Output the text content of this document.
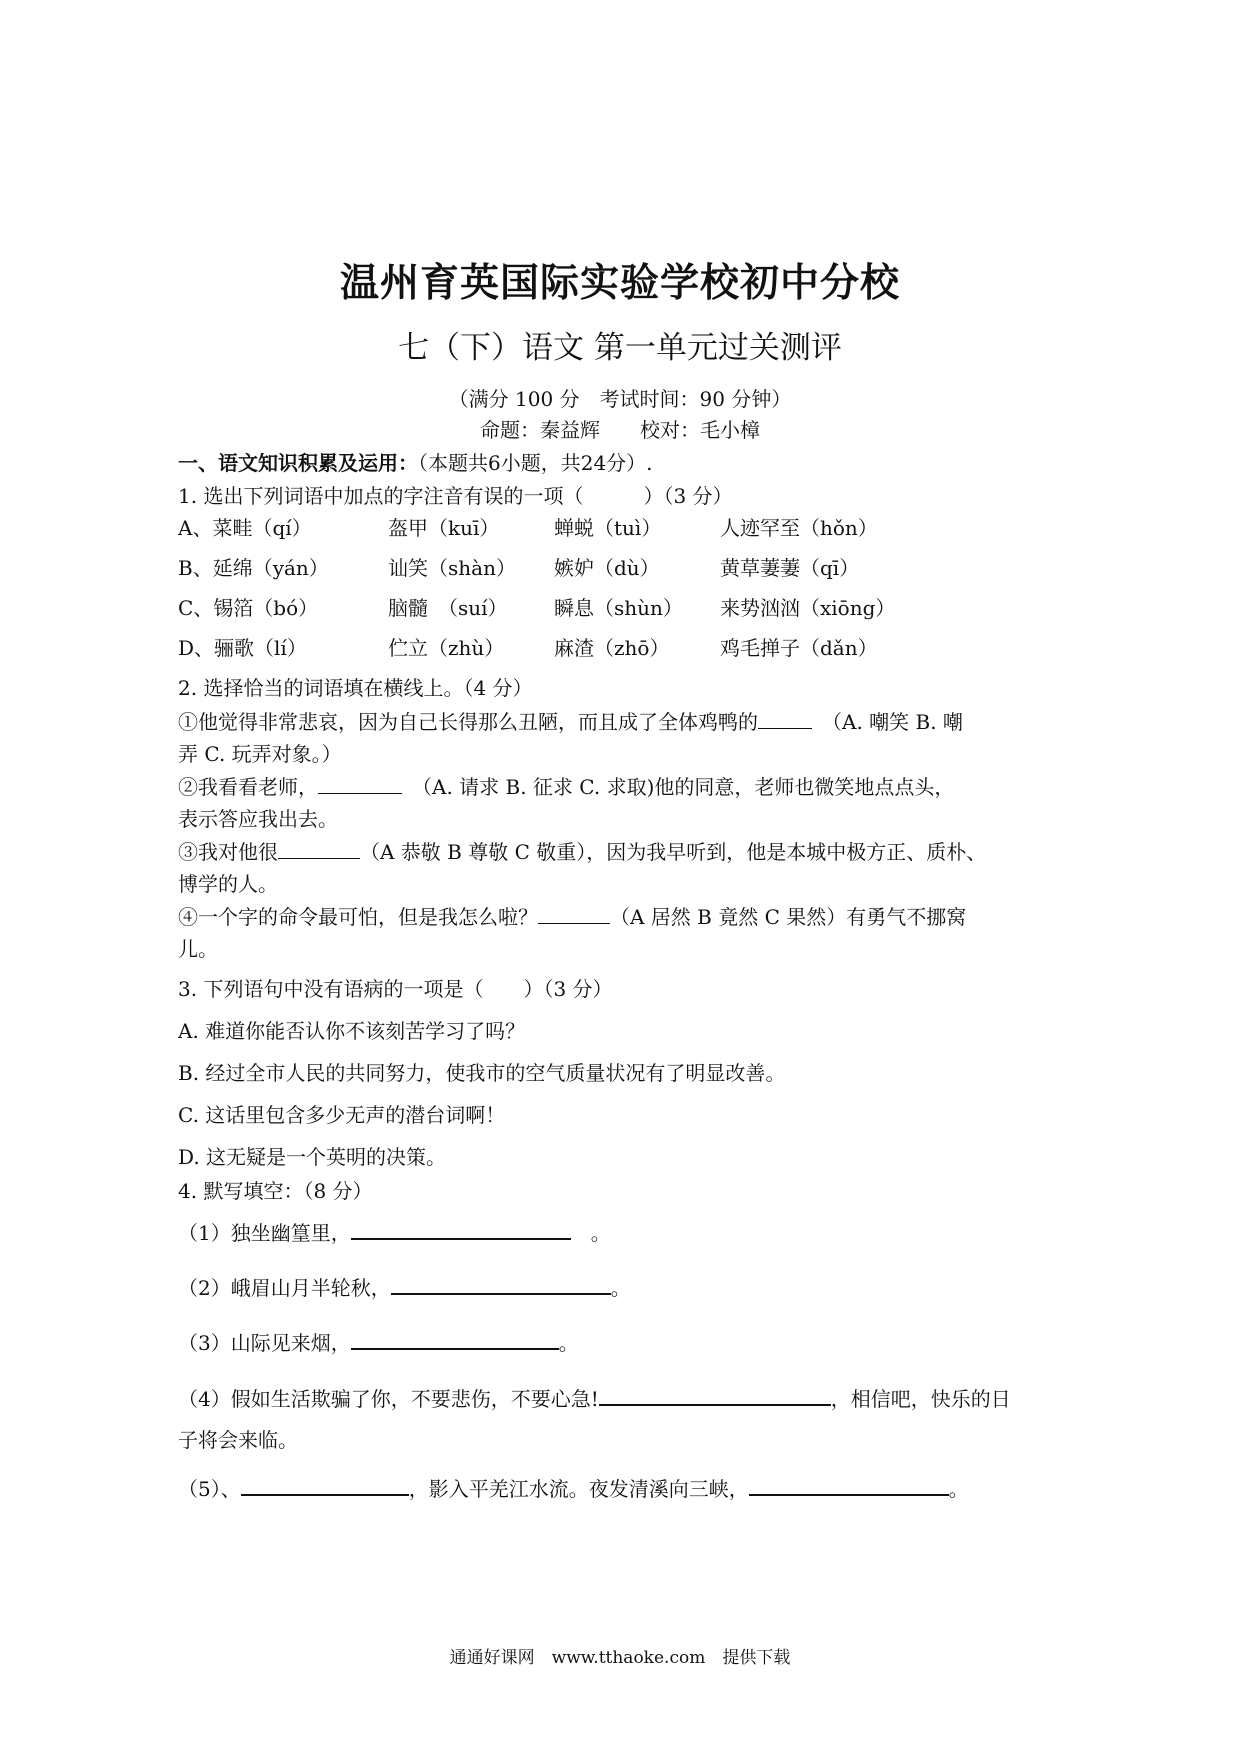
温州育英国际实验学校初中分校
七（下）语文 第一单元过关测评
（满分 100 分　考试时间：90 分钟）
命题：秦益辉　　校对：毛小樟
一、语文知识积累及运用：（本题共6小题，共24分）.
1. 选出下列词语中加点的字注音有误的一项（　　　）（3 分）
A、菜畦（qí）	盔甲（kuī）	蝉蜕（tuì）	人迹罕至（hǒn）
B、延绵（yán）	讪笑（shàn） 嫉妒（dù）	黄草萋萋（qī）
C、锡箔（bó）	脑髓　（suí） 瞬息（shùn） 来势汹汹（xiōng）
D、骊歌（lí）	伫立（zhù） 麻渣（zhō）	鸡毛掸子（dǎn）
2. 选择恰当的词语填在横线上。（4 分）
①他觉得非常悲哀，因为自己长得那么丑陋，而且成了全体鸡鸭的　	（A. 嘲笑 B. 嘲
弄 C. 玩弄对象。）
②我看看老师，　	（A. 请求 B. 征求 C. 求取)他的同意，老师也微笑地点点头，
表示答应我出去。
③我对他很	（A 恭敬 B 尊敬 C 敬重），因为我早听到，他是本城中极方正、质朴、
博学的人。
④一个字的命令最可怕，但是我怎么啦？	（A 居然 B 竟然 C 果然）有勇气不挪窝
儿。
3. 下列语句中没有语病的一项是（　　）（3 分）
A. 难道你能否认你不该刻苦学习了吗？
B. 经过全市人民的共同努力，使我市的空气质量状况有了明显改善。
C. 这话里包含多少无声的潜台词啊！
D. 这无疑是一个英明的决策。
4. 默写填空：（8 分）
（1）独坐幽篁里，　	。
（2）峨眉山月半轮秋，	。
（3）山际见来烟，	。
（4）假如生活欺骗了你，不要悲伤，不要心急!	，相信吧，快乐的日
子将会来临。
（5）、	，影入平羌江水流。夜发清溪向三峡，	。
通通好课网　www.tthaoke.com　提供下载
